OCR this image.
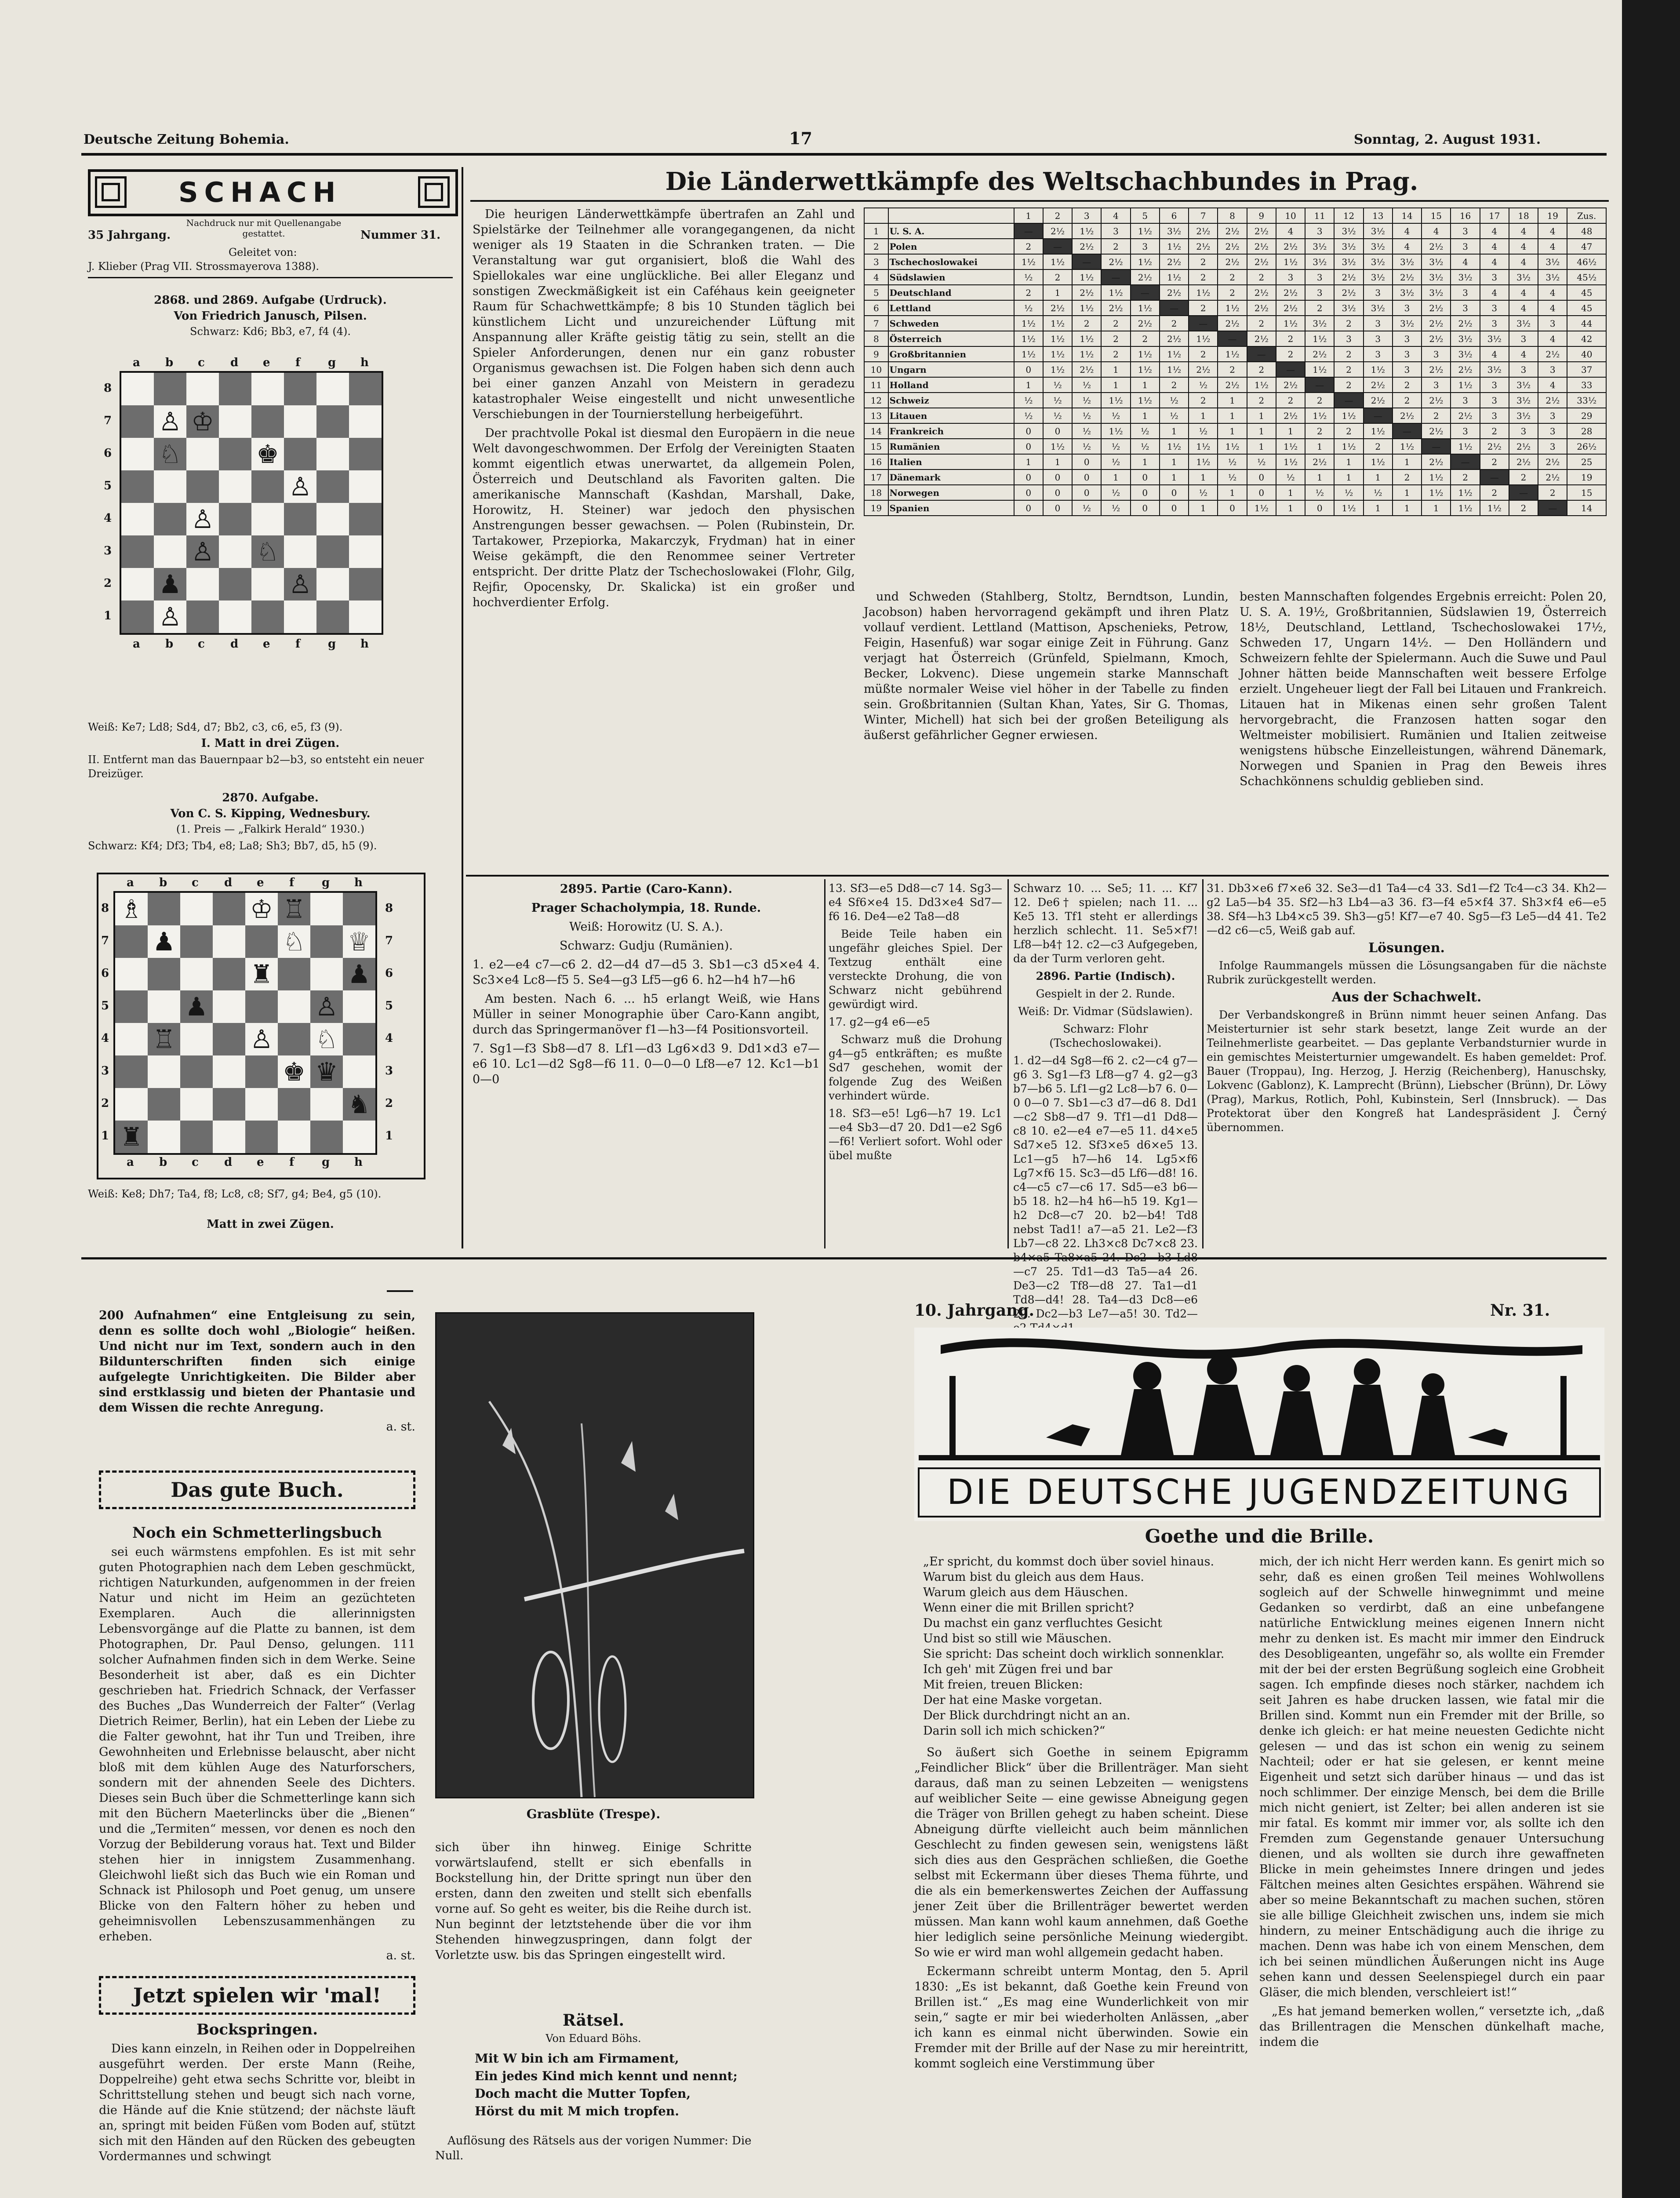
Deutsche Zeitung Bohemia.	17	Sonntag, 2. August 1931.
SCHACH
35 Jahrgang.
Nachdruck nur mit Quellenangabe gestattet.	Nummer 31.
Geleitet von:
J. Klieber (Prag VII. Strossmayerova 1388).
2868. und 2869. Aufgabe (Urdruck).
Von Friedrich Janusch, Pilsen.
Schwarz: Kd6; Bb3, e7, f4 (4).
a b c d e f g h
♙ ♔
♘	♚
♙
♙
♙ ♘
♟	♙
♙
8
7
6
5
4
3
2
1
a b c d e f g h
Weiß: Ke7; Ld8; Sd4, d7; Bb2, c3, c6, e5, f3 (9).
I. Matt in drei Zügen.
II. Entfernt man das Bauernpaar b2—b3, so entsteht ein neuer Dreizüger.
2870. Aufgabe.
Von C. S. Kipping, Wednesbury.
(1. Preis — „Falkirk Herald“ 1930.)
Schwarz: Kf4; Df3; Tb4, e8; La8; Sh3; Bb7, d5, h5 (9).
a b c d e f g h
♗	♔ ♖
♟	♘ ♕
♜	♟
♟	♙
♖	♙ ♘
♚ ♛
♞
♜
8
7
6
5
4
3
2
1
8
7
6
5
4
3
2
1
a b c d e f g h
Weiß: Ke8; Dh7; Ta4, f8; Lc8, c8; Sf7, g4; Be4, g5 (10).
Matt in zwei Zügen.
Die Länderwettkämpfe des Weltschachbundes in Prag.

Die heurigen Länderwettkämpfe übertrafen an Zahl und Spielstärke der Teilnehmer alle vorangegangenen, da nicht weniger als 19 Staaten in die Schranken traten. — Die Veranstaltung war gut organisiert, bloß die Wahl des Spiellokales war eine unglückliche. Bei aller Eleganz und sonstigen Zweckmäßigkeit ist ein Caféhaus kein geeigneter Raum für Schachwettkämpfe; 8 bis 10 Stunden täglich bei künstlichem Licht und unzureichender Lüftung mit Anspannung aller Kräfte geistig tätig zu sein, stellt an die Spieler Anforderungen, denen nur ein ganz robuster Organismus gewachsen ist. Die Folgen haben sich denn auch bei einer ganzen Anzahl von Meistern in geradezu katastrophaler Weise eingestellt und nicht unwesentliche Verschiebungen in der Tournierstellung herbeigeführt.

Der prachtvolle Pokal ist diesmal den Europäern in die neue Welt davongeschwommen. Der Erfolg der Vereinigten Staaten kommt eigentlich etwas unerwartet, da allgemein Polen, Österreich und Deutschland als Favoriten galten. Die amerikanische Mannschaft (Kashdan, Marshall, Dake, Horowitz, H. Steiner) war jedoch den physischen Anstrengungen besser gewachsen. — Polen (Rubinstein, Dr. Tartakower, Przepiorka, Makarczyk, Frydman) hat in einer Weise gekämpft, die den Renommee seiner Vertreter entspricht. Der dritte Platz der Tschechoslowakei (Flohr, Gilg, Rejfir, Opocensky, Dr. Skalicka) ist ein großer und hochverdienter Erfolg.

		1	2	3	4	5	6	7	8	9	10	11	12	13	14	15	16	17	18	19	Zus.
1	U. S. A.	—	2½	1½	3	1½	3½	2½	2½	2½	4	3	3½	3½	4	4	3	4	4	4	48
2	Polen	2	—	2½	2	3	1½	2½	2½	2½	2½	3½	3½	3½	4	2½	3	4	4	4	47
3	Tschechoslowakei	1½	1½	—	2½	1½	2½	2	2½	2½	1½	3½	3½	3½	3½	3½	4	4	4	3½	46½
4	Südslawien	½	2	1½	—	2½	1½	2	2	2	3	3	2½	3½	2½	3½	3½	3	3½	3½	45½
5	Deutschland	2	1	2½	1½	—	2½	1½	2	2½	2½	3	2½	3	3½	3½	3	4	4	4	45
6	Lettland	½	2½	1½	2½	1½	—	2	1½	2½	2½	2	3½	3½	3	2½	3	3	4	4	45
7	Schweden	1½	1½	2	2	2½	2	—	2½	2	1½	3½	2	3	3½	2½	2½	3	3½	3	44
8	Österreich	1½	1½	1½	2	2	2½	1½	—	2½	2	1½	3	3	3	2½	3½	3½	3	4	42
9	Großbritannien	1½	1½	1½	2	1½	1½	2	1½	—	2	2½	2	3	3	3	3½	4	4	2½	40
10	Ungarn	0	1½	2½	1	1½	1½	2½	2	2	—	1½	2	1½	3	2½	2½	3½	3	3	37
11	Holland	1	½	½	1	1	2	½	2½	1½	2½	—	2	2½	2	3	1½	3	3½	4	33
12	Schweiz	½	½	½	1½	1½	½	2	1	2	2	2	—	2½	2	2½	3	3	3½	2½	33½
13	Litauen	½	½	½	½	1	½	1	1	1	2½	1½	1½	—	2½	2	2½	3	3½	3	29
14	Frankreich	0	0	½	1½	½	1	½	1	1	1	2	2	1½	—	2½	3	2	3	3	28
15	Rumänien	0	1½	½	½	½	1½	1½	1½	1	1½	1	1½	2	1½	—	1½	2½	2½	3	26½
16	Italien	1	1	0	½	1	1	1½	½	½	1½	2½	1	1½	1	2½	—	2	2½	2½	25
17	Dänemark	0	0	0	1	0	1	1	½	0	½	1	1	1	2	1½	2	—	2	2½	19
18	Norwegen	0	0	0	½	0	0	½	1	0	1	½	½	½	1	1½	1½	2	—	2	15
19	Spanien	0	0	½	½	0	0	1	0	1½	1	0	1½	1	1	1	1½	1½	2	—	14

und Schweden (Stahlberg, Stoltz, Berndtson, Lundin, Jacobson) haben hervorragend gekämpft und ihren Platz vollauf verdient. Lettland (Mattison, Apschenieks, Petrow, Feigin, Hasenfuß) war sogar einige Zeit in Führung. Ganz verjagt hat Österreich (Grünfeld, Spielmann, Kmoch, Becker, Lokvenc). Diese ungemein starke Mannschaft müßte normaler Weise viel höher in der Tabelle zu finden sein. Großbritannien (Sultan Khan, Yates, Sir G. Thomas, Winter, Michell) hat sich bei der großen Beteiligung als äußerst gefährlicher Gegner erwiesen.

besten Mannschaften folgendes Ergebnis erreicht: Polen 20, U. S. A. 19½, Großbritannien, Südslawien 19, Österreich 18½, Deutschland, Lettland, Tschechoslowakei 17½, Schweden 17, Ungarn 14½. — Den Holländern und Schweizern fehlte der Spielermann. Auch die Suwe und Paul Johner hätten beide Mannschaften weit bessere Erfolge erzielt. Ungeheuer liegt der Fall bei Litauen und Frankreich. Litauen hat in Mikenas einen sehr großen Talent hervorgebracht, die Franzosen hatten sogar den Weltmeister mobilisiert. Rumänien und Italien zeitweise wenigstens hübsche Einzelleistungen, während Dänemark, Norwegen und Spanien in Prag den Beweis ihres Schachkönnens schuldig geblieben sind.

2895. Partie (Caro-Kann).

Prager Schacholympia, 18. Runde.

Weiß: Horowitz (U. S. A.).

Schwarz: Gudju (Rumänien).

1. e2—e4 c7—c6 2. d2—d4 d7—d5 3. Sb1—c3 d5×e4 4. Sc3×e4 Lc8—f5 5. Se4—g3 Lf5—g6 6. h2—h4 h7—h6

Am besten. Nach 6. ... h5 erlangt Weiß, wie Hans Müller in seiner Monographie über Caro-Kann angibt, durch das Springermanöver f1—h3—f4 Positionsvorteil.

7. Sg1—f3 Sb8—d7 8. Lf1—d3 Lg6×d3 9. Dd1×d3 e7—e6 10. Lc1—d2 Sg8—f6 11. 0—0—0 Lf8—e7 12. Kc1—b1 0—0

13. Sf3—e5 Dd8—c7 14. Sg3—e4 Sf6×e4 15. Dd3×e4 Sd7—f6 16. De4—e2 Ta8—d8

Beide Teile haben ein ungefähr gleiches Spiel. Der Textzug enthält eine versteckte Drohung, die von Schwarz nicht gebührend gewürdigt wird.

17. g2—g4 e6—e5

Schwarz muß die Drohung g4—g5 entkräften; es mußte Sd7 geschehen, womit der folgende Zug des Weißen verhindert würde.

18. Sf3—e5! Lg6—h7 19. Lc1—e4 Sb3—d7 20. Dd1—e2 Sg6—f6! Verliert sofort. Wohl oder übel mußte

Schwarz 10. ... Se5; 11. ... Kf7 12. De6† spielen; nach 11. ... Ke5 13. Tf1 steht er allerdings herzlich schlecht. 11. Se5×f7! Lf8—b4† 12. c2—c3 Aufgegeben, da der Turm verloren geht.

2896. Partie (Indisch).

Gespielt in der 2. Runde.

Weiß: Dr. Vidmar (Südslawien).

Schwarz: Flohr (Tschechoslowakei).

1. d2—d4 Sg8—f6 2. c2—c4 g7—g6 3. Sg1—f3 Lf8—g7 4. g2—g3 b7—b6 5. Lf1—g2 Lc8—b7 6. 0—0 0—0 7. Sb1—c3 d7—d6 8. Dd1—c2 Sb8—d7 9. Tf1—d1 Dd8—c8 10. e2—e4 e7—e5 11. d4×e5 Sd7×e5 12. Sf3×e5 d6×e5 13. Lc1—g5 h7—h6 14. Lg5×f6 Lg7×f6 15. Sc3—d5 Lf6—d8! 16. c4—c5 c7—c6 17. Sd5—e3 b6—b5 18. h2—h4 h6—h5 19. Kg1—h2 Dc8—c7 20. b2—b4! Td8 nebst Tad1! a7—a5 21. Le2—f3 Lb7—c8 22. Lh3×c8 Dc7×c8 23. —c7 25. Td1—d3 Ta5—a4 26. De3—c2 Tf8—d8 27. Ta1—d1 Td8—d4! 28. Ta4—d3 Dc8—e6 29. Dc2—b3 Le7—a5! 30. Td2—

31. Db3×e6 f7×e6 32. Se3—d1 Ta4—c4 33. Sd1—f2 Tc4—c3 34. Kh2—g2 La5—b4 35. Sf2—h3 Lb4—a3 36. f3—f4 e5×f4 37. Sh3×f4 e6—e5 38. Sf4—h3 Lb4×c5 39. Sh3—g5! Kf7—e7 40. Sg5—f3 Le5—d4 41. Te2—d2 c6—c5, Weiß gab auf.

Lösungen.

Infolge Raummangels müssen die Lösungsangaben für die nächste Rubrik zurückgestellt werden.

Aus der Schachwelt.

Der Verbandskongreß in Brünn nimmt heuer seinen Anfang. Das Meisterturnier ist sehr stark besetzt, lange Zeit wurde an der Teilnehmerliste gearbeitet. — Das geplante Verbandsturnier wurde in ein gemischtes Meisterturnier umgewandelt. Es haben gemeldet: Prof. Bauer (Troppau), Ing. Herzog, J. Herzig (Reichenberg), Hanuschsky, Lokvenc (Gablonz), K. Lamprecht (Brünn), Liebscher (Brünn), Dr. Löwy (Prag), Markus, Rotlich, Pohl, Kubinstein, Serl (Innsbruck). — Das Protektorat über den Kongreß hat Landespräsident J. Černý übernommen.

200 Aufnahmen“ eine Entgleisung zu sein, denn es sollte doch wohl „Biologie“ heißen. Und nicht nur im Text, sondern auch in den Bildunterschriften finden sich einige aufgelegte Unrichtigkeiten. Die Bilder aber sind erstklassig und bieten der Phantasie und dem Wissen die rechte Anregung.

a. st.

Das gute Buch.

Noch ein Schmetterlingsbuch

sei euch wärmstens empfohlen. Es ist mit sehr guten Photographien nach dem Leben geschmückt, richtigen Naturkunden, aufgenommen in der freien Natur und nicht im Heim an gezüchteten Exemplaren. Auch die allerinnigsten Lebensvorgänge auf die Platte zu bannen, ist dem Photographen, Dr. Paul Denso, gelungen. 111 solcher Aufnahmen finden sich in dem Werke. Seine Besonderheit ist aber, daß es ein Dichter geschrieben hat. Friedrich Schnack, der Verfasser des Buches „Das Wunderreich der Falter“ (Verlag Dietrich Reimer, Berlin), hat ein Leben der Liebe zu die Falter gewohnt, hat ihr Tun und Treiben, ihre Gewohnheiten und Erlebnisse belauscht, aber nicht bloß mit dem kühlen Auge des Naturforschers, sondern mit der ahnenden Seele des Dichters. Dieses sein Buch über die Schmetterlinge kann sich mit den Büchern Maeterlincks über die „Bienen“ und die „Termiten“ messen, vor denen es noch den Vorzug der Bebilderung voraus hat. Text und Bilder stehen hier in innigstem Zusammenhang. Gleichwohl ließt sich das Buch wie ein Roman und Schnack ist Philosoph und Poet genug, um unsere Blicke von den Faltern höher zu heben und geheimnisvollen Lebenszusammenhängen zu erheben.

a. st.

Jetzt spielen wir 'mal!

Bockspringen.

Dies kann einzeln, in Reihen oder in Doppelreihen ausgeführt werden. Der erste Mann (Reihe, Doppelreihe) geht etwa sechs Schritte vor, bleibt in Schrittstellung stehen und beugt sich nach vorne, die Hände auf die Knie stützend; der nächste läuft an, springt mit beiden Füßen vom Boden auf, stützt sich mit den Händen auf den Rücken des gebeugten Vordermannes und schwingt

Grasblüte (Trespe).

sich über ihn hinweg. Einige Schritte vorwärtslaufend, stellt er sich ebenfalls in Bockstellung hin, der Dritte springt nun über den ersten, dann den zweiten und stellt sich ebenfalls vorne auf. So geht es weiter, bis die Reihe durch ist. Nun beginnt der letztstehende über die vor ihm Stehenden hinwegzuspringen, dann folgt der Vorletzte usw. bis das Springen eingestellt wird.

Rätsel.
Von Eduard Böhs.
Mit W bin ich am Firmament,
Ein jedes Kind mich kennt und nennt;
Doch macht die Mutter Topfen,
Hörst du mit M mich tropfen.
Auflösung des Rätsels aus der vorigen Nummer: Die Null.
10. Jahrgang.	Nr. 31.
DIE DEUTSCHE JUGENDZEITUNG
Goethe und die Brille.
„Er spricht, du kommst doch über soviel hinaus.
Warum bist du gleich aus dem Haus.
Warum gleich aus dem Häuschen.
Wenn einer die mit Brillen spricht?
Du machst ein ganz verfluchtes Gesicht
Und bist so still wie Mäuschen.
Sie spricht: Das scheint doch wirklich sonnenklar.
Ich geh' mit Zügen frei und bar
Mit freien, treuen Blicken:
Der hat eine Maske vorgetan.
Der Blick durchdringt nicht an an.
Darin soll ich mich schicken?“

So äußert sich Goethe in seinem Epigramm „Feindlicher Blick“ über die Brillenträger. Man sieht daraus, daß man zu seinen Lebzeiten — wenigstens auf weiblicher Seite — eine gewisse Abneigung gegen die Träger von Brillen gehegt zu haben scheint. Diese Abneigung dürfte vielleicht auch beim männlichen Geschlecht zu finden gewesen sein, wenigstens läßt sich dies aus den Gesprächen schließen, die Goethe selbst mit Eckermann über dieses Thema führte, und die als ein bemerkenswertes Zeichen der Auffassung jener Zeit über die Brillenträger bewertet werden müssen. Man kann wohl kaum annehmen, daß Goethe hier lediglich seine persönliche Meinung wiedergibt. So wie er wird man wohl allgemein gedacht haben.

Eckermann schreibt unterm Montag, den 5. April 1830: „Es ist bekannt, daß Goethe kein Freund von Brillen ist.“ „Es mag eine Wunderlichkeit von mir sein,“ sagte er mir bei wiederholten Anlässen, „aber ich kann es einmal nicht überwinden. Sowie ein Fremder mit der Brille auf der Nase zu mir hereintritt, kommt sogleich eine Verstimmung über

mich, der ich nicht Herr werden kann. Es genirt mich so sehr, daß es einen großen Teil meines Wohlwollens sogleich auf der Schwelle hinwegnimmt und meine Gedanken so verdirbt, daß an eine unbefangene natürliche Entwicklung meines eigenen Innern nicht mehr zu denken ist. Es macht mir immer den Eindruck des Desobligeanten, ungefähr so, als wollte ein Fremder mit der bei der ersten Begrüßung sogleich eine Grobheit sagen. Ich empfinde dieses noch stärker, nachdem ich seit Jahren es habe drucken lassen, wie fatal mir die Brillen sind. Kommt nun ein Fremder mit der Brille, so denke ich gleich: er hat meine neuesten Gedichte nicht gelesen — und das ist schon ein wenig zu seinem Nachteil; oder er hat sie gelesen, er kennt meine Eigenheit und setzt sich darüber hinaus — und das ist noch schlimmer. Der einzige Mensch, bei dem die Brille mich nicht geniert, ist Zelter; bei allen anderen ist sie mir fatal. Es kommt mir immer vor, als sollte ich den Fremden zum Gegenstande genauer Untersuchung dienen, und als wollten sie durch ihre gewaffneten Blicke in mein geheimstes Innere dringen und jedes Fältchen meines alten Gesichtes erspähen. Während sie aber so meine Bekanntschaft zu machen suchen, stören sie alle billige Gleichheit zwischen uns, indem sie mich hindern, zu meiner Entschädigung auch die ihrige zu machen. Denn was habe ich von einem Menschen, dem ich bei seinen mündlichen Äußerungen nicht ins Auge sehen kann und dessen Seelenspiegel durch ein paar Gläser, die mich blenden, verschleiert ist!“

„Es hat jemand bemerken wollen,“ versetzte ich, „daß das Brillentragen die Menschen dünkelhaft mache, indem die
